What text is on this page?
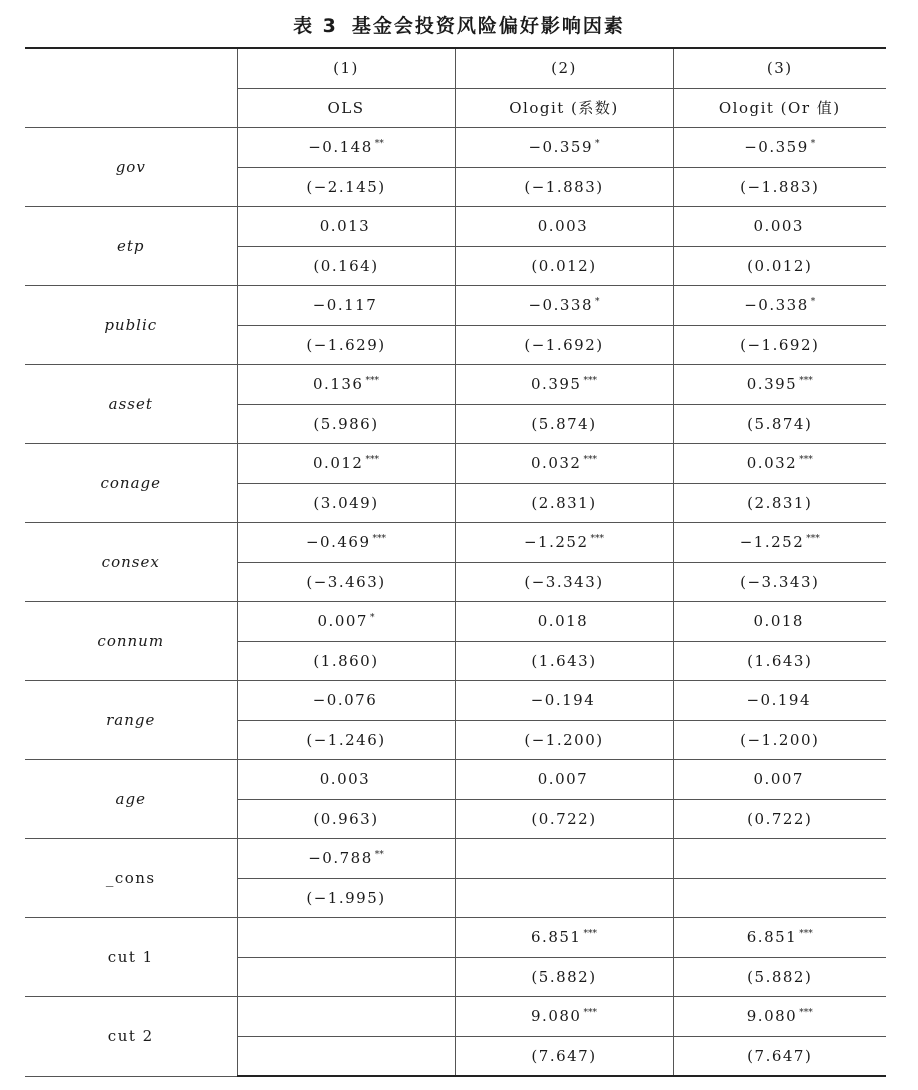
表 3 基金会投资风险偏好影响因素
	(1)	(2)	(3)
	OLS	Ologit (系数)	Ologit (Or 值)
gov	−0.148 **	−0.359 *	−0.359 *
	(−2.145)	(−1.883)	(−1.883)
etp	0.013	0.003	0.003
	(0.164)	(0.012)	(0.012)
public	−0.117	−0.338 *	−0.338 *
	(−1.629)	(−1.692)	(−1.692)
asset	0.136 ***	0.395 ***	0.395 ***
	(5.986)	(5.874)	(5.874)
conage	0.012 ***	0.032 ***	0.032 ***
	(3.049)	(2.831)	(2.831)
consex	−0.469 ***	−1.252 ***	−1.252 ***
	(−3.463)	(−3.343)	(−3.343)
connum	0.007 *	0.018	0.018
	(1.860)	(1.643)	(1.643)
range	−0.076	−0.194	−0.194
	(−1.246)	(−1.200)	(−1.200)
age	0.003	0.007	0.007
	(0.963)	(0.722)	(0.722)
_cons	−0.788 **		
	(−1.995)		
cut 1		6.851 ***	6.851 ***
		(5.882)	(5.882)
cut 2		9.080 ***	9.080 ***
		(7.647)	(7.647)
